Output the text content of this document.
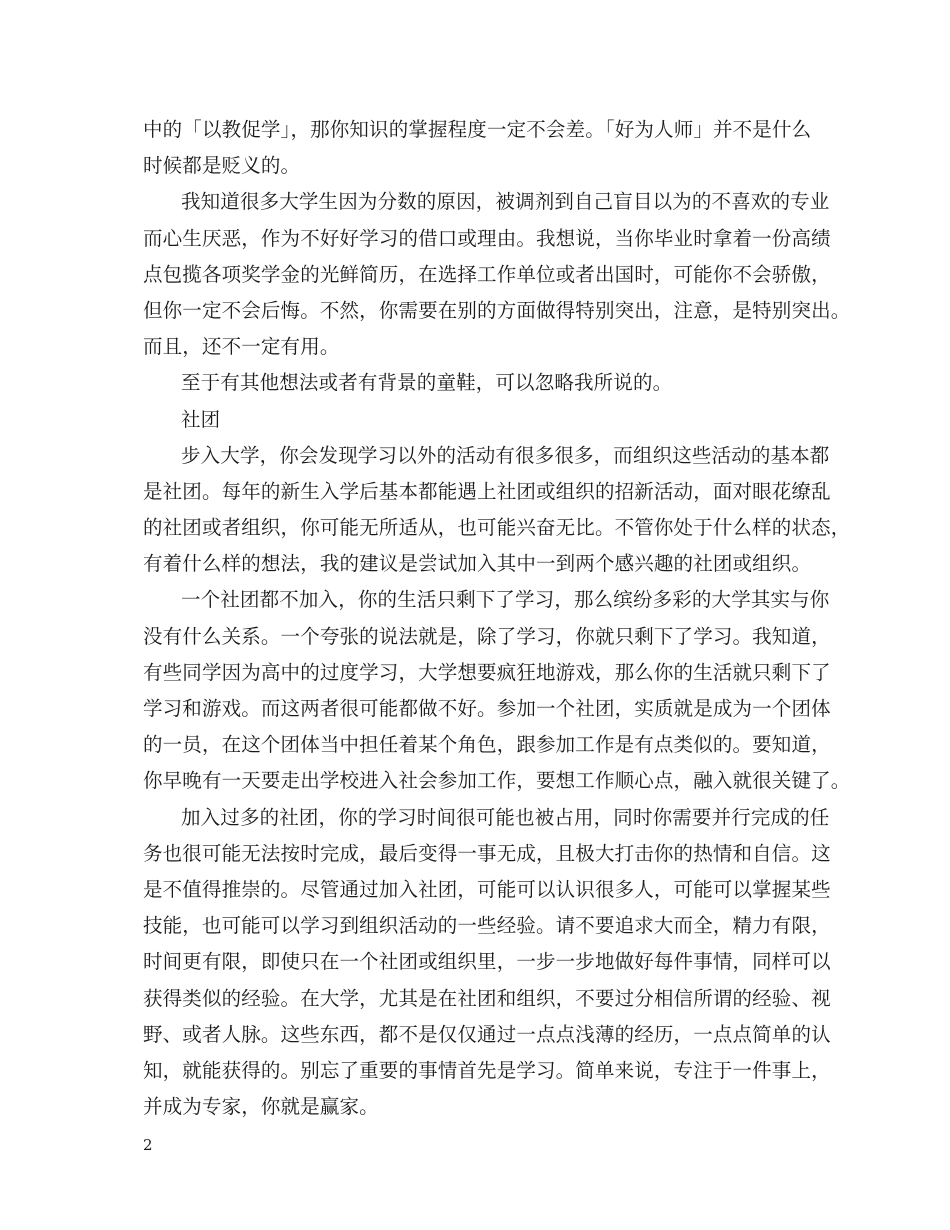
中的「以教促学」，那你知识的掌握程度一定不会差。「好为人师」并不是什么
时候都是贬义的。
我知道很多大学生因为分数的原因，被调剂到自己盲目以为的不喜欢的专业
而心生厌恶，作为不好好学习的借口或理由。我想说，当你毕业时拿着一份高绩
点包揽各项奖学金的光鲜简历，在选择工作单位或者出国时，可能你不会骄傲，
但你一定不会后悔。不然，你需要在别的方面做得特别突出，注意，是特别突出。
而且，还不一定有用。
至于有其他想法或者有背景的童鞋，可以忽略我所说的。
社团
步入大学，你会发现学习以外的活动有很多很多，而组织这些活动的基本都
是社团。每年的新生入学后基本都能遇上社团或组织的招新活动，面对眼花缭乱
的社团或者组织，你可能无所适从，也可能兴奋无比。不管你处于什么样的状态，
有着什么样的想法，我的建议是尝试加入其中一到两个感兴趣的社团或组织。
一个社团都不加入，你的生活只剩下了学习，那么缤纷多彩的大学其实与你
没有什么关系。一个夸张的说法就是，除了学习，你就只剩下了学习。我知道，
有些同学因为高中的过度学习，大学想要疯狂地游戏，那么你的生活就只剩下了
学习和游戏。而这两者很可能都做不好。参加一个社团，实质就是成为一个团体
的一员，在这个团体当中担任着某个角色，跟参加工作是有点类似的。要知道，
你早晚有一天要走出学校进入社会参加工作，要想工作顺心点，融入就很关键了。
加入过多的社团，你的学习时间很可能也被占用，同时你需要并行完成的任
务也很可能无法按时完成，最后变得一事无成，且极大打击你的热情和自信。这
是不值得推崇的。尽管通过加入社团，可能可以认识很多人，可能可以掌握某些
技能，也可能可以学习到组织活动的一些经验。请不要追求大而全，精力有限，
时间更有限，即使只在一个社团或组织里，一步一步地做好每件事情，同样可以
获得类似的经验。在大学，尤其是在社团和组织，不要过分相信所谓的经验、视
野、或者人脉。这些东西，都不是仅仅通过一点点浅薄的经历，一点点简单的认
知，就能获得的。别忘了重要的事情首先是学习。简单来说，专注于一件事上，
并成为专家，你就是赢家。
2
